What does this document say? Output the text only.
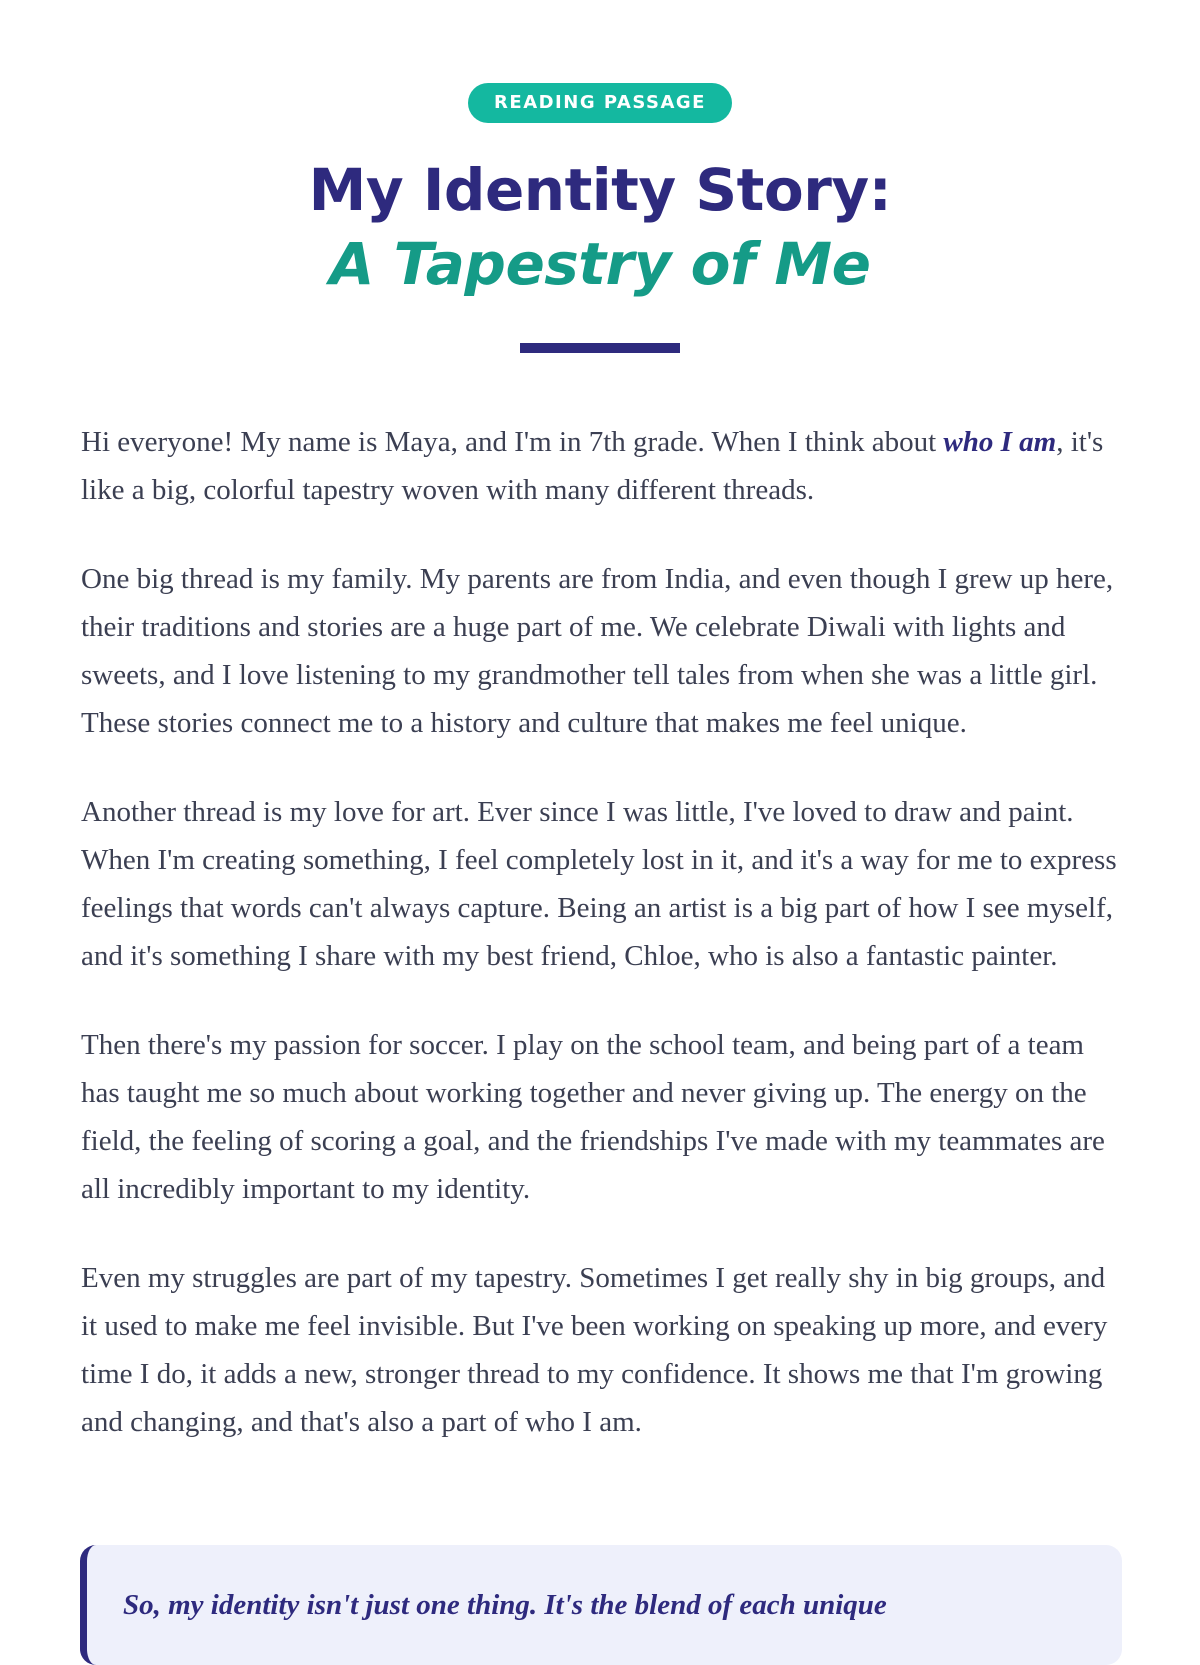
READING PASSAGE
My Identity Story:
A Tapestry of Me

Hi everyone! My name is Maya, and I'm in 7th grade. When I think about who I am, it's like a big, colorful tapestry woven with many different threads.

One big thread is my family. My parents are from India, and even though I grew up here, their traditions and stories are a huge part of me. We celebrate Diwali with lights and sweets, and I love listening to my grandmother tell tales from when she was a little girl. These stories connect me to a history and culture that makes me feel unique.

Another thread is my love for art. Ever since I was little, I've loved to draw and paint. When I'm creating something, I feel completely lost in it, and it's a way for me to express feelings that words can't always capture. Being an artist is a big part of how I see myself, and it's something I share with my best friend, Chloe, who is also a fantastic painter.

Then there's my passion for soccer. I play on the school team, and being part of a team has taught me so much about working together and never giving up. The energy on the field, the feeling of scoring a goal, and the friendships I've made with my teammates are all incredibly important to my identity.

Even my struggles are part of my tapestry. Sometimes I get really shy in big groups, and it used to make me feel invisible. But I've been working on speaking up more, and every time I do, it adds a new, stronger thread to my confidence. It shows me that I'm growing and changing, and that's also a part of who I am.

So, my identity isn't just one thing. It's the blend of each unique
